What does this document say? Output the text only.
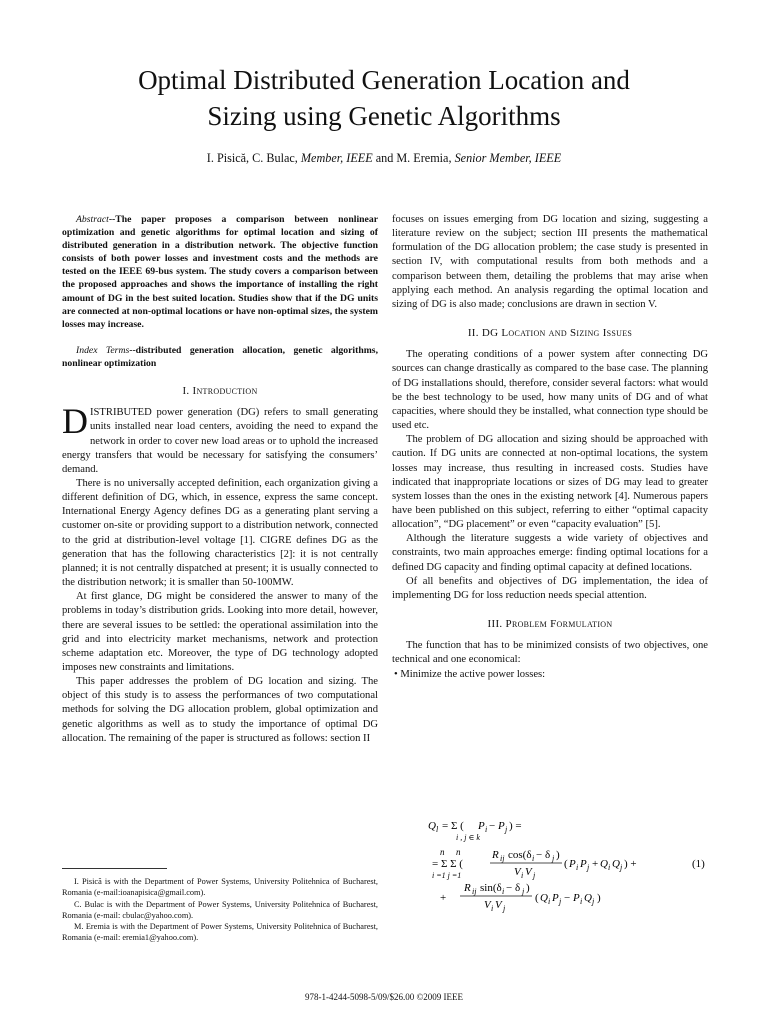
Optimal Distributed Generation Location and
Sizing using Genetic Algorithms
I. Pisică, C. Bulac, Member, IEEE and M. Eremia, Senior Member, IEEE

Abstract--The paper proposes a comparison between nonlinear optimization and genetic algorithms for optimal location and sizing of distributed generation in a distribution network. The objective function consists of both power losses and investment costs and the methods are tested on the IEEE 69-bus system. The study covers a comparison between the proposed approaches and shows the importance of installing the right amount of DG in the best suited location. Studies show that if the DG units are connected at non-optimal locations or have non-optimal sizes, the system losses may increase.

Index Terms--distributed generation allocation, genetic algorithms, nonlinear optimization

I. Introduction

DISTRIBUTED power generation (DG) refers to small generating units installed near load centers, avoiding the need to expand the network in order to cover new load areas or to uphold the increased energy transfers that would be necessary for satisfying the consumers’ demand.

There is no universally accepted definition, each organization giving a different definition of DG, which, in essence, express the same concept. International Energy Agency defines DG as a generating plant serving a customer on-site or providing support to a distribution network, connected to the grid at distribution-level voltage [1]. CIGRE defines DG as the generation that has the following characteristics [2]: it is not centrally planned; it is not centrally dispatched at present; it is usually connected to the distribution network; it is smaller than 50-100MW.

At first glance, DG might be considered the answer to many of the problems in today’s distribution grids. Looking into more detail, however, there are several issues to be settled: the operational assimilation into the grid and into electricity market mechanisms, network and protection scheme adaptation etc. Moreover, the type of DG technology adopted imposes new constraints and limitations.

This paper addresses the problem of DG location and sizing. The object of this study is to assess the performances of two computational methods for solving the DG allocation problem, global optimization and genetic algorithms as well as to study the importance of optimal DG allocation. The remaining of the paper is structured as follows: section II

focuses on issues emerging from DG location and sizing, suggesting a literature review on the subject; section III presents the mathematical formulation of the DG allocation problem; the case study is presented in section IV, with computational results from both methods and a comparison between them, detailing the problems that may arise when applying each method. An analysis regarding the optimal location and sizing of DG is also made; conclusions are drawn in section V.

II. DG Location and Sizing Issues

The operating conditions of a power system after connecting DG sources can change drastically as compared to the base case. The planning of DG installations should, therefore, consider several factors: what would be the best technology to be used, how many units of DG and of what capacities, where should they be installed, what connection type should be used etc.

The problem of DG allocation and sizing should be approached with caution. If DG units are connected at non-optimal locations, the system losses may increase, thus resulting in increased costs. Studies have indicated that inappropriate locations or sizes of DG may lead to greater system losses than the ones in the existing network [4]. Numerous papers have been published on this subject, referring to either “optimal capacity allocation”, “DG placement” or even “capacity evaluation” [5].

Although the literature suggests a wide variety of objectives and constraints, two main approaches emerge: finding optimal locations for a defined DG capacity and finding optimal capacity at defined locations.

Of all benefits and objectives of DG implementation, the idea of implementing DG for loss reduction needs special attention.

III. Problem Formulation

The function that has to be minimized consists of two objectives, one technical and one economical:

• Minimize the active power losses:

Q l = Σ ( P i − P j ) =
i , j ∈ k
n n
= Σ Σ (
i =1 j =1
R ij cos(δ i − δ j )
V i V j
( P i P j + Q i Q j ) +
R ij sin(δ i − δ j )
+
V i V j
( Q i P j − P i Q j )
(1)

I. Pisică is with the Department of Power Systems, University Politehnica of Bucharest, Romania (e-mail:ioanapisica@gmail.com).

C. Bulac is with the Department of Power Systems, University Politehnica of Bucharest, Romania (e-mail: cbulac@yahoo.com).

M. Eremia is with the Department of Power Systems, University Politehnica of Bucharest, Romania (e-mail: eremia1@yahoo.com).

978-1-4244-5098-5/09/$26.00 ©2009 IEEE
